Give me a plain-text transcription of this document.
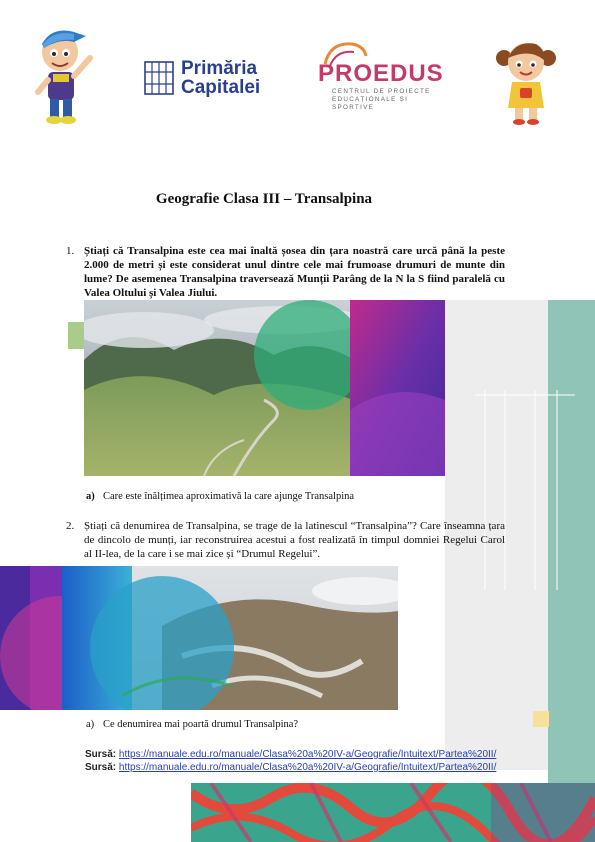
Primăria
Capitalei
PROEDUS
CENTRUL DE PROIECTE
EDUCAȚIONALE ȘI SPORTIVE
Geografie Clasa III – Transalpina
1. Știați că Transalpina este cea mai înaltă șosea din țara noastră care urcă până la peste 2.000 de metri și este considerat unul dintre cele mai frumoase drumuri de munte din lume? De asemenea Transalpina traversează Munții Parâng de la N la S fiind paralelă cu Valea Oltului și Valea Jiului.
a) Care este înălțimea aproximativă la care ajunge Transalpina
2. Știați că denumirea de Transalpina, se trage de la latinescul “Transalpina”? Care înseamna țara de dincolo de munți, iar reconstruirea acestui a fost realizată în timpul domniei Regelui Carol al II-lea, de la care i se mai zice și “Drumul Regelui”.
a) Ce denumirea mai poartă drumul Transalpina?
Sursă: https://manuale.edu.ro/manuale/Clasa%20a%20IV-a/Geografie/Intuitext/Partea%20II/
Sursă: https://manuale.edu.ro/manuale/Clasa%20a%20IV-a/Geografie/Intuitext/Partea%20II/
